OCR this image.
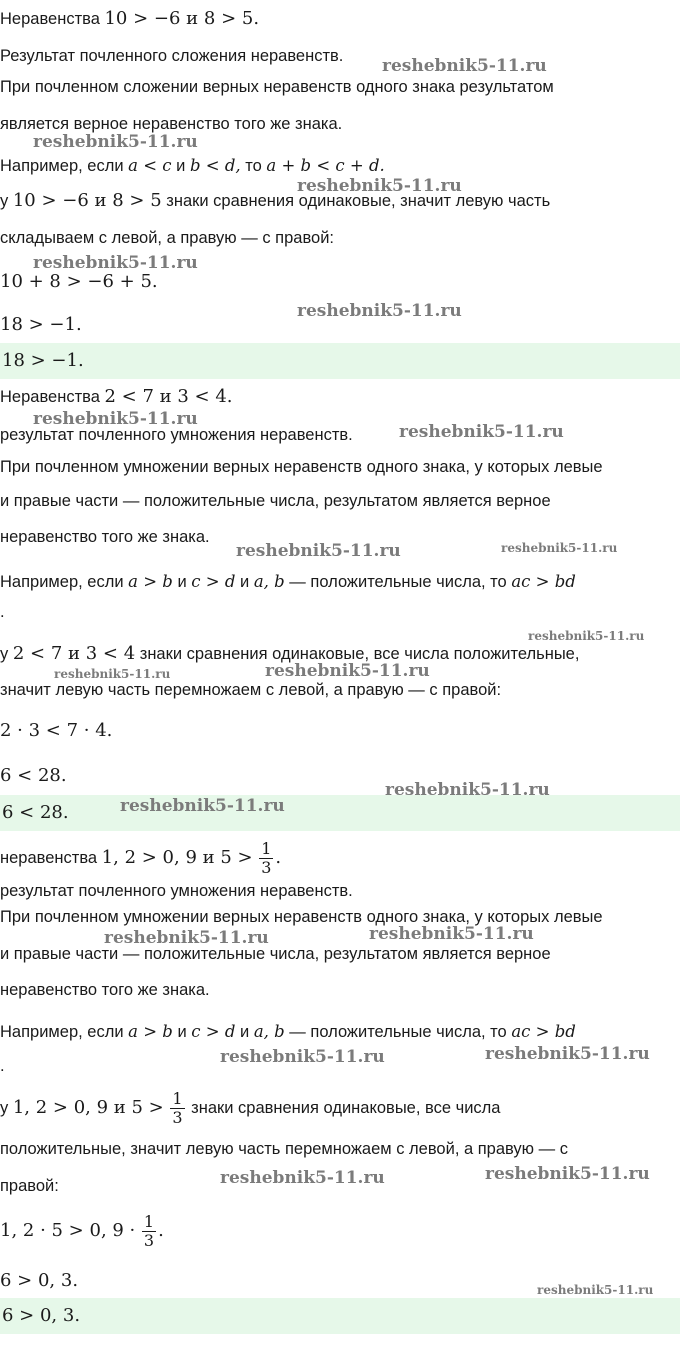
Неравенства 10 > −6 и 8 > 5.
Результат почленного сложения неравенств.
При почленном сложении верных неравенств одного знака результатом
является верное неравенство того же знака.
Например, если a < c и b < d, то a + b < c + d.
у 10 > −6 и 8 > 5 знаки сравнения одинаковые, значит левую часть
складываем с левой, а правую — с правой:
10 + 8 > −6 + 5.
18 > −1.
18 > −1.
Неравенства 2 < 7 и 3 < 4.
результат почленного умножения неравенств.
При почленном умножении верных неравенств одного знака, у которых левые
и правые части — положительные числа, результатом является верное
неравенство того же знака.
Например, если a > b и c > d и a, b — положительные числа, то ac > bd
.
у 2 < 7 и 3 < 4 знаки сравнения одинаковые, все числа положительные,
значит левую часть перемножаем с левой, а правую — с правой:
2 · 3 < 7 · 4.
6 < 28.
6 < 28.
неравенства 1, 2 > 0, 9 и $5 > \frac{1}{3}$ .
результат почленного умножения неравенств.
При почленном умножении верных неравенств одного знака, у которых левые
и правые части — положительные числа, результатом является верное
неравенство того же знака.
Например, если a > b и c > d и a, b — положительные числа, то ac > bd
.
у 1, 2 > 0, 9 и $5 > \frac{1}{3}$ знаки сравнения одинаковые, все числа
положительные, значит левую часть перемножаем с левой, а правую — с
правой:
1, 2 · 5 > 0, $9 \cdot \frac{1}{3}$ .
6 > 0, 3.
6 > 0, 3.
reshebnik5-11.ru
reshebnik5-11.ru
reshebnik5-11.ru
reshebnik5-11.ru
reshebnik5-11.ru
reshebnik5-11.ru
reshebnik5-11.ru
reshebnik5-11.ru	reshebnik5-11.ru
reshebnik5-11.ru
reshebnik5-11.ru	reshebnik5-11.ru
reshebnik5-11.ru
reshebnik5-11.ru
reshebnik5-11.ru	reshebnik5-11.ru
reshebnik5-11.ru	reshebnik5-11.ru
reshebnik5-11.ru	reshebnik5-11.ru
reshebnik5-11.ru
